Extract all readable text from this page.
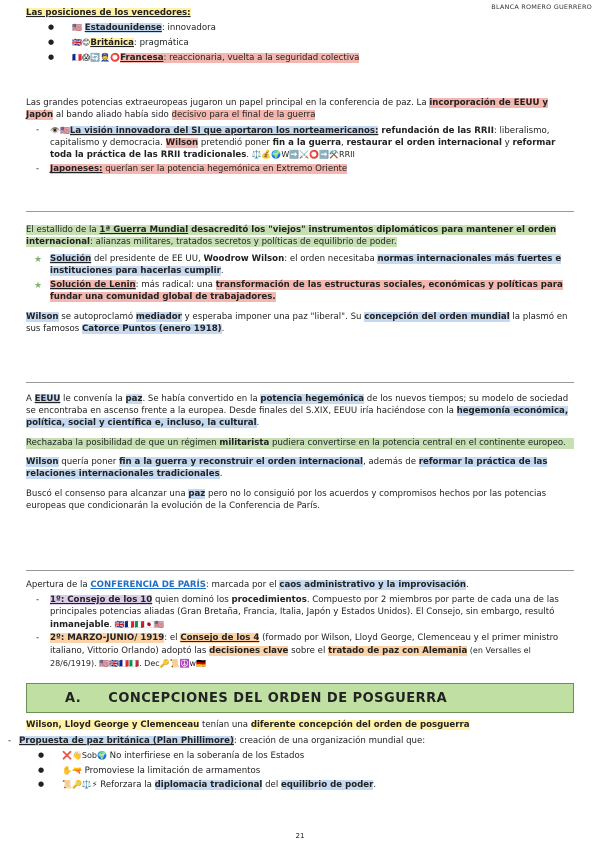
BLANCA ROMERO GUERRERO
Las posiciones de los vencedores:
● 🇺🇸 Estadounidense: innovadora
● 🇬🇧😊Británica: pragmática
● 🇫🇷😱🔄👮⭕Francesa: reaccionaria, vuelta a la seguridad colectiva
Las grandes potencias extraeuropeas jugaron un papel principal en la conferencia de paz. La incorporación de EEUU y Japón al bando aliado había sido decisivo para el final de la guerra
- 👁️🇺🇸La visión innovadora del SI que aportaron los norteamericanos: refundación de las RRII: liberalismo, capitalismo y democracia. Wilson pretendió poner fin a la guerra, restaurar el orden internacional y reformar toda la práctica de las RRII tradicionales. ⚖️💰🌍W➡️⚔️⭕➡️⚒️RRII
- Japoneses: querían ser la potencia hegemónica en Extremo Oriente
El estallido de la 1ª Guerra Mundial desacreditó los "viejos" instrumentos diplomáticos para mantener el orden internacional: alianzas militares, tratados secretos y políticas de equilibrio de poder.
★ Solución del presidente de EE UU, Woodrow Wilson: el orden necesitaba normas internacionales más fuertes e instituciones para hacerlas cumplir.
★ Solución de Lenin: más radical: una transformación de las estructuras sociales, económicas y políticas para fundar una comunidad global de trabajadores.
Wilson se autoproclamó mediador y esperaba imponer una paz "liberal". Su concepción del orden mundial la plasmó en sus famosos Catorce Puntos (enero 1918).
A EEUU le convenía la paz. Se había convertido en la potencia hegemónica de los nuevos tiempos; su modelo de sociedad se encontraba en ascenso frente a la europea. Desde finales del S.XIX, EEUU iría haciéndose con la hegemonía económica, política, social y científica e, incluso, la cultural.
Rechazaba la posibilidad de que un régimen militarista pudiera convertirse en la potencia central en el continente europeo.
Wilson quería poner fin a la guerra y reconstruir el orden internacional, además de reformar la práctica de las relaciones internacionales tradicionales.
Buscó el consenso para alcanzar una paz pero no lo consiguió por los acuerdos y compromisos hechos por las potencias europeas que condicionarán la evolución de la Conferencia de París.
Apertura de la CONFERENCIA DE PARÍS: marcada por el caos administrativo y la improvisación.
- 1º: Consejo de los 10 quien dominó los procedimientos. Compuesto por 2 miembros por parte de cada una de las principales potencias aliadas (Gran Bretaña, Francia, Italia, Japón y Estados Unidos). El Consejo, sin embargo, resultó inmanejable. 🇬🇧🇫🇷🇮🇹🇯🇵🇺🇸
- 2º: MARZO-JUNIO/ 1919: el Consejo de los 4 (formado por Wilson, Lloyd George, Clemenceau y el primer ministro italiano, Vittorio Orlando) adoptó las decisiones clave sobre el tratado de paz con Alemania (en Versalles el 28/6/1919). 🇺🇸🇬🇧🇫🇷🇮🇹. Dec🔑📜☮️w🇩🇪
A. CONCEPCIONES DEL ORDEN DE POSGUERRA
Wilson, Lloyd George y Clemenceau tenían una diferente concepción del orden de posguerra
- Propuesta de paz británica (Plan Phillimore): creación de una organización mundial que:
● ❌👋Sob🌍 No interfiriese en la soberanía de los Estados
● ✋🔫 Promoviese la limitación de armamentos
● 📜🔑⚖️⚡ Reforzara la diplomacia tradicional del equilibrio de poder.
21
